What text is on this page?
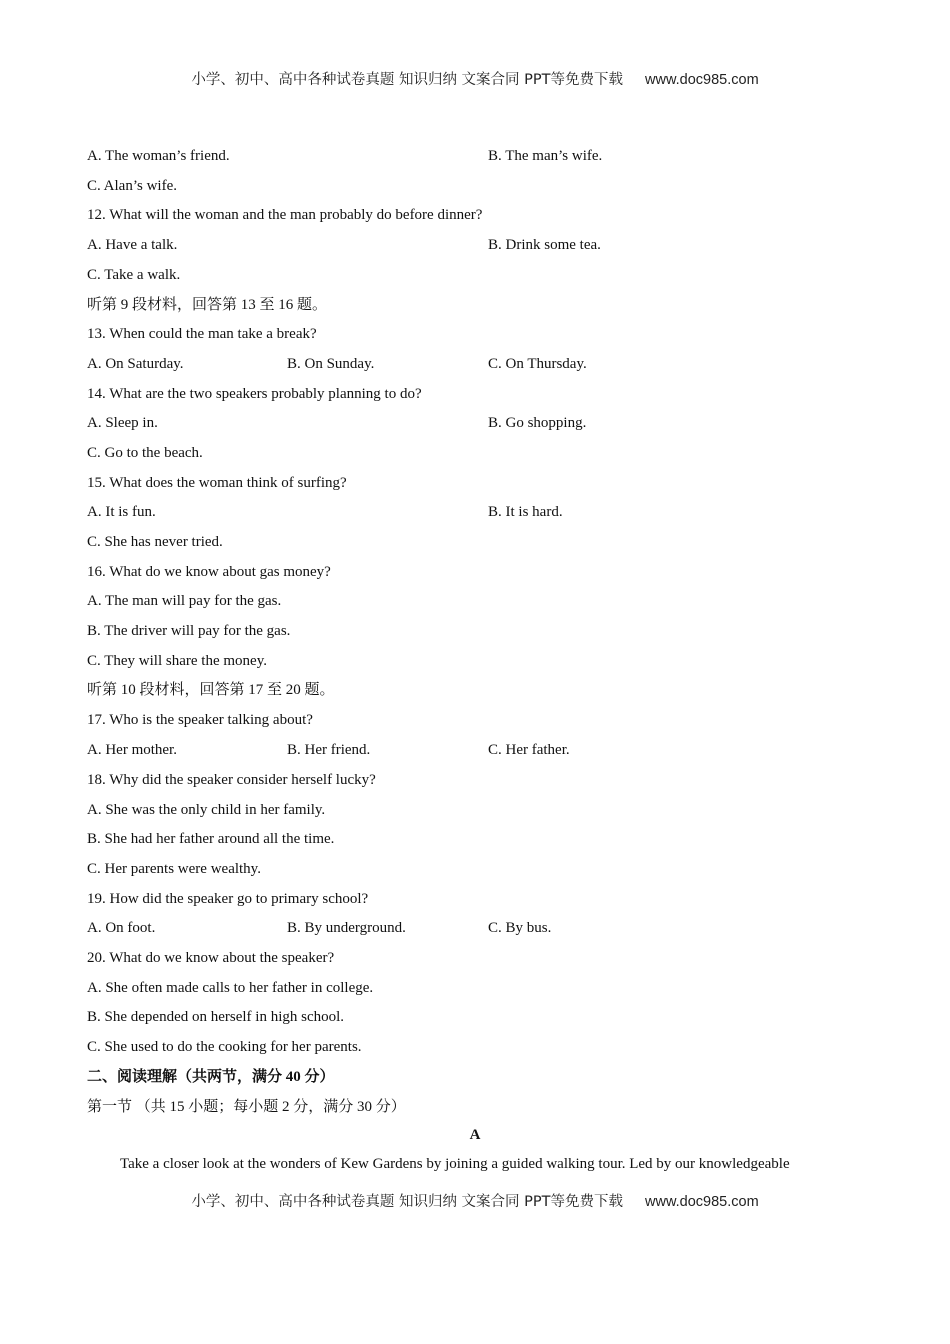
小学、初中、高中各种试卷真题 知识归纳 文案合同 PPT等免费下载 www.doc985.com
A. The woman’s friend.	B. The man’s wife.
C. Alan’s wife.
12. What will the woman and the man probably do before dinner?
A. Have a talk.	B. Drink some tea.
C. Take a walk.
听第 9 段材料，回答第 13 至 16 题。
13. When could the man take a break?
A. On Saturday.	B. On Sunday.	C. On Thursday.
14. What are the two speakers probably planning to do?
A. Sleep in.	B. Go shopping.
C. Go to the beach.
15. What does the woman think of surfing?
A. It is fun.	B. It is hard.
C. She has never tried.
16. What do we know about gas money?
A. The man will pay for the gas.
B. The driver will pay for the gas.
C. They will share the money.
听第 10 段材料，回答第 17 至 20 题。
17. Who is the speaker talking about?
A. Her mother.	B. Her friend.	C. Her father.
18. Why did the speaker consider herself lucky?
A. She was the only child in her family.
B. She had her father around all the time.
C. Her parents were wealthy.
19. How did the speaker go to primary school?
A. On foot.	B. By underground.	C. By bus.
20. What do we know about the speaker?
A. She often made calls to her father in college.
B. She depended on herself in high school.
C. She used to do the cooking for her parents.
二、阅读理解（共两节，满分 40 分）
第一节 （共 15 小题；每小题 2 分，满分 30 分）
A
Take a closer look at the wonders of Kew Gardens by joining a guided walking tour. Led by our knowledgeable
小学、初中、高中各种试卷真题 知识归纳 文案合同 PPT等免费下载 www.doc985.com
